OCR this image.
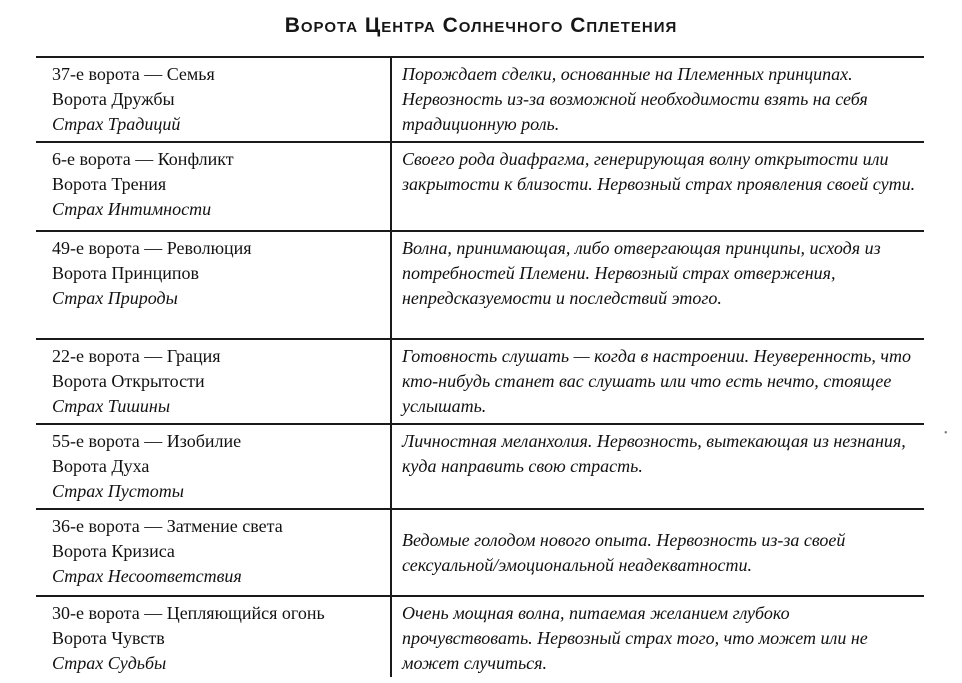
Ворота Центра Солнечного Сплетения
37-е ворота — Семья
Ворота Дружбы
Страх Традиций
Порождает сделки, основанные на Племенных принципах. Нервозность из-за возможной необходимости взять на себя традиционную роль.
6-е ворота — Конфликт
Ворота Трения
Страх Интимности
Своего рода диафрагма, генерирующая волну открытости или закрытости к близости. Нервозный страх проявления своей сути.
49-е ворота — Революция
Ворота Принципов
Страх Природы
Волна, принимающая, либо отвергающая принципы, исходя из потребностей Племени. Нервозный страх отвержения, непредсказуемости и последствий этого.
22-е ворота — Грация
Ворота Открытости
Страх Тишины
Готовность слушать — когда в настроении. Неуверенность, что кто-нибудь станет вас слушать или что есть нечто, стоящее услышать.
55-е ворота — Изобилие
Ворота Духа
Страх Пустоты
Личностная меланхолия. Нервозность, вытекающая из незнания, куда направить свою страсть.
36-е ворота — Затмение света
Ворота Кризиса
Страх Несоответствия
Ведомые голодом нового опыта. Нервозность из-за своей сексуальной/эмоциональной неадекватности.
30-е ворота — Цепляющийся огонь
Ворота Чувств
Страх Судьбы
Очень мощная волна, питаемая желанием глубоко прочувствовать. Нервозный страх того, что может или не может случиться.
•
